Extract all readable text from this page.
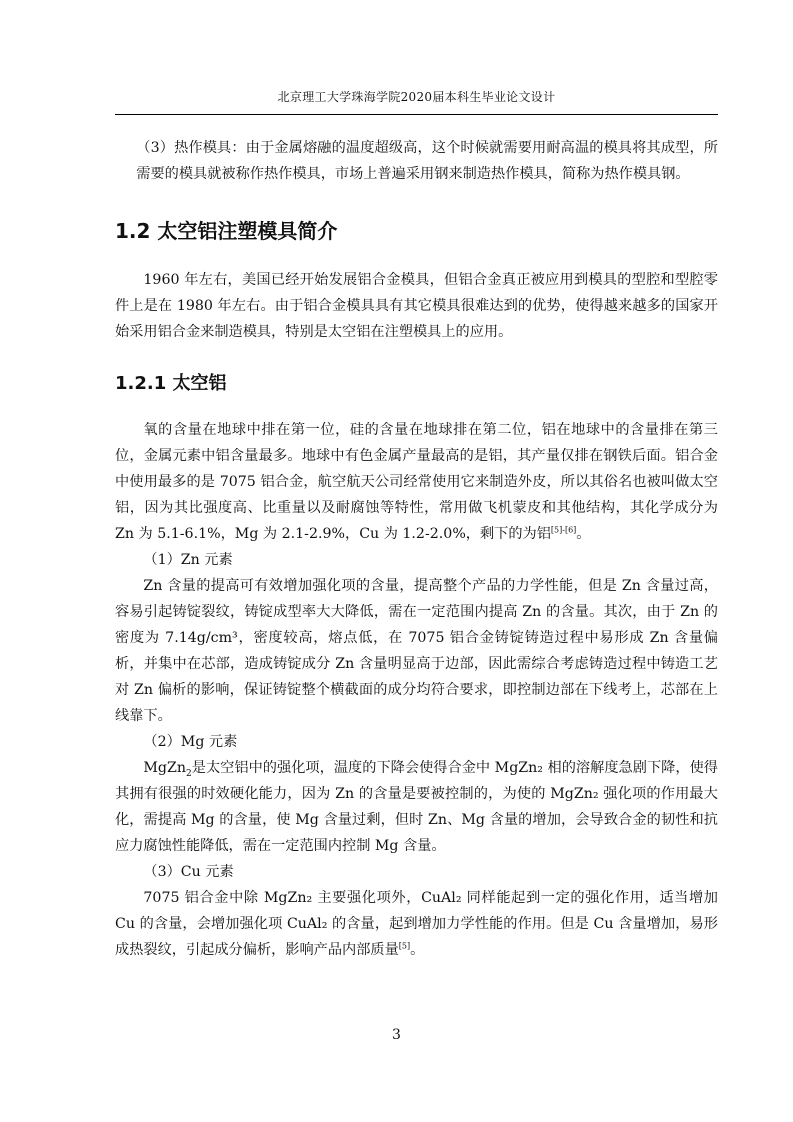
北京理工大学珠海学院2020届本科生毕业论文设计

（3）热作模具：由于金属熔融的温度超级高，这个时候就需要用耐高温的模具将其成型，所需要的模具就被称作热作模具，市场上普遍采用钢来制造热作模具，简称为热作模具钢。

1.2 太空铝注塑模具简介

1960 年左右，美国已经开始发展铝合金模具，但铝合金真正被应用到模具的型腔和型腔零件上是在 1980 年左右。由于铝合金模具具有其它模具很难达到的优势，使得越来越多的国家开始采用铝合金来制造模具，特别是太空铝在注塑模具上的应用。

1.2.1 太空铝

氧的含量在地球中排在第一位，硅的含量在地球排在第二位，铝在地球中的含量排在第三位，金属元素中铝含量最多。地球中有色金属产量最高的是铝，其产量仅排在钢铁后面。铝合金中使用最多的是 7075 铝合金，航空航天公司经常使用它来制造外皮，所以其俗名也被叫做太空铝，因为其比强度高、比重量以及耐腐蚀等特性，常用做飞机蒙皮和其他结构，其化学成分为 Zn 为 5.1-6.1%，Mg 为 2.1-2.9%，Cu 为 1.2-2.0%，剩下的为铝[5]-[6]。

（1）Zn 元素

Zn 含量的提高可有效增加强化项的含量，提高整个产品的力学性能，但是 Zn 含量过高，容易引起铸锭裂纹，铸锭成型率大大降低，需在一定范围内提高 Zn 的含量。其次，由于 Zn 的密度为 7.14g/cm³，密度较高，熔点低，在 7075 铝合金铸锭铸造过程中易形成 Zn 含量偏析，并集中在芯部，造成铸锭成分 Zn 含量明显高于边部，因此需综合考虑铸造过程中铸造工艺对 Zn 偏析的影响，保证铸锭整个横截面的成分均符合要求，即控制边部在下线考上，芯部在上线靠下。

（2）Mg 元素

MgZn$_2$是太空铝中的强化项，温度的下降会使得合金中 MgZn₂ 相的溶解度急剧下降，使得其拥有很强的时效硬化能力，因为 Zn 的含量是要被控制的，为使的 MgZn₂ 强化项的作用最大化，需提高 Mg 的含量，使 Mg 含量过剩，但时 Zn、Mg 含量的增加，会导致合金的韧性和抗应力腐蚀性能降低，需在一定范围内控制 Mg 含量。

（3）Cu 元素

7075 铝合金中除 MgZn₂ 主要强化项外，CuAl₂ 同样能起到一定的强化作用，适当增加 Cu 的含量，会增加强化项 CuAl₂ 的含量，起到增加力学性能的作用。但是 Cu 含量增加，易形成热裂纹，引起成分偏析，影响产品内部质量[5]。

3
